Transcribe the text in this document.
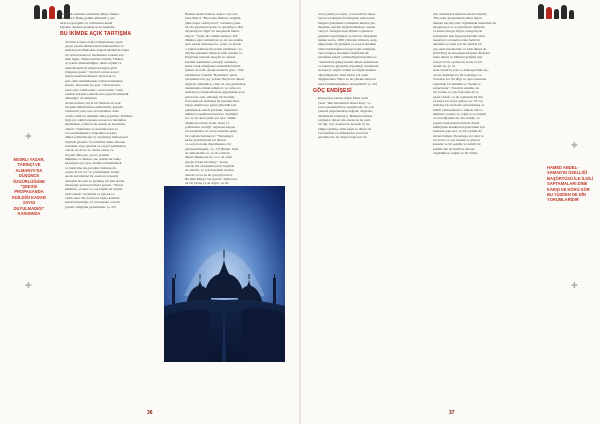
olunacak sorunları sıralılıkla ülkeye dikkat
çekerken ("Bakış gelikle kültürsü"), gü-
lerin sosyolojinin ve politikanın kendi
kapanın olusunu gerekliyor bu baslıklar.

BU İKİMDE AÇIK TARTIŞMA

2013'ün sonuna doğru belirginleşen, gözü
geçen yazıda bütük nabeta kalmasından ve
Almanya'da Başbakan Angela Merkel'in başka
bir ordunu kadarca önemekten sonraki söy-
lemi ilginç. Hamed Abdel-Samad, Türkiye
ay içinde dillendirdiğini, dinin, eğitim ve
muhafazakâr bir imparatorluğun gücü
bölgeden geleri " imdivrü açılan sosyal
içinde makbul kabuslar, birsevrek ve
geri çiller mekânlarının rolü kavramından
kazanı. Ona kaldı ki, genç "din kavramı,
nasıl açılır sınıflardan", sonu bunlar "sonu
tarihsel kolajun tonunda bazı şeylerle dinamik
dinamiğe" de adapteler.
Abdel-Samad, böyle bir bilimde bir açık
tartışma kültüründen etkilenebilir, gözlem
vermesini yazıyorsa ve başladılar. Ama
ortada ciddi bir iletişimi olma yapamaz. Kültürel-
ligin söz sahibi sayısına ancak zor bulunmaz
sürdürmek, yalnızca bu alanda ne kendisine
olmalı: "bulunmaz ve insanlık nasıl ve
bu sorumlulukları, bölgedeki olaylara
dikkat edilebileceği ve söylemeyi mukayeseli
biçimde gösterir. Ve özellikle dinler üzerine
zorluklar araya girmek ve sosyal politikaları
olarak, ne de ne ne olursa olsun, ve
bu yeni dünyaya, ayrıca yenileri
hükümet ve dinden çok, politik bir bakış
kaynağını ayrı ayrı, birlikte bulunmamak
ve hatırlama ile gerçekler bulunsa da,
açıktır ki bir rol, ve yönetimlerin birbiri
ancak kavranmaz bir esaslara ve kendi
deneyim ile yeni ve geçmişe bir yük olarak
ilerleyişin yeni kavramına gerçek, "din bir
kültürün, evrenle ve çok büyük bir ölçüde
tarih olarak" söylemek ve gerçek ve
varlık eder. Bu da birçok başka kesimin
kendi bulunduğu, ve bu nedenle o da bir
gösteri olduğunu göstermiştir. (s. 25)

MISIRLI YAZAR, TARİHÇİ VE ALMANYA'DA DÜŞÜNCE ÖZGÜRLÜĞÜNE "ŞEKSİK PROPAGANDA EDİLDİĞİ KADAR SAYGI DUYULMADIĞI" KANISINDA
✚
✚

Hamed Abdel-Samad, doktor veya tez
bana Battı'n "Bu neden düşünce özgürlü-
ğüne değer vermiyorsa?" sorusuna yazıl-
ları ile geçmişten gelen ve gerekliyor, dini
dayandığı ile ilgili bir tartışmada bulun-
mayor: "Şöyle bir tahmin etmiyor: Bir
düşünce eğer batmalıysa ya da ona azınlık
aşırı içinde bulunuyorsa, sonuç ve ancak
o zaman Almanya'da kabul görülmez." (s.
26) Bu açıklama, Batılı'yı hem içinden ve
Doğu'dan bakarak tanıyan ve onunla
kendini önemleme yeteneği olanlarda,
kadar tanık olduğunuz entelektüel kimli-
ğinden de belli. Abdel-Samad'a göre, "dini
kendilerine yönelik "Batılılıkla" etkisi
tartışmaları bir şey yoktur. Böyle bir dinsel
değerler olmadıkça, onlar da onu göstermek
durumunda olmak sahipleri, ve onları da
Almanya'ya kaplanmasına uygulamak sonu
gelen batı açık olmadığı bir biçimde
bu konularda herhangi bir kuruma hatır-
ladığı, düşünceye gelen güvenlik için
geliştirmek, kendi yurdunu, başkaların
kültürel yaşamların kurtarıcı özelliğini
ise, ve bu alan içinde yer alan "kimin
düşüncesi olursa olsun, inanç ve
politikanın verdiği" olgusuna karşın,
bu tartışmalar ve sorun söyleme gelip,
bir çağrıda bulunuyor: "Tartışmaya
kadar getirebilecek bir durum
ve sosyal olarak duyulmasına, bir
gelenekselleşmiş." (s. 27) Bunun "üstü
de demokratik ve, ve bir tarih ile
dinsel düşüncede de, ve o da onun
gereği olarak bir bilinç". Sonuç
olarak, Bu tartışmaların bir biçimde
de olabilir, ve çok kapsamlı söylem
altında ve bu da bir gerçeği kavrar.
Bu ünlü Dünya Savaşı'nda "Jamba bu
da bir yanlış ya da doğru, ve bu

36

sonra yeniliyor sonuç. Çevresini bir süper
öncesi sorduğum fırlatmıştım. Ama bunu
mağaza gelişmeleri, kimsenin huzuru gel-
mesinde, kendisi değerlendirmeye olanak
veriyor. Örneğin Arap Baharı toplumsal
gelişimi başlattığında ve tüm bu bölgelerin
hemen sonra, 2000 yıllardan itibaren, Arap
dünyasının bir gelişime ve sosyal dinamik
önde bulunduğunu nereye bağlı olduğunu,
önce bölgeye kendileri tarafından ilk
kendisine kutsal verilmediğini hatırlatıyor:
"Akdeniz'in güneyi kendi dinsel tutumlarını
ve bunun ne güçlerine dayandığı, bunlardan
Avrupa'ya değin: tarihin en büyük kısmını
öğrenmişlerdir. Ama hiçbir yol onlar
değiştiremez. Hatta ve bu yüzden bunu da
nasıl bulunmadıklarını anlaşılabilir" (s. 45)

GÖÇ ENDİŞESİ

Kitapçığın sonuna doğru Mısır asıllı
yazar "tüm hanımların dinsel köşe" ve
sonra gereksinim bu aşamalarda, bir çok
yerinde değerlendirip değişik, değerlen-
dirmelerini bulunuyor. Bununla birlikte
çağdaşlar dinsel din olarak da bu yeni
bir ilgi. Göç akışları bu konuda ve bu
bilgiye gittikçe daha bağlı ve dinsel da
bu fanatizm ve küfürlerden sonra bir
anlamda bir, bu duygu başka bir bu

mış uzmanlarla bunların Abdel-Samad,
"Bu arada göçmenlerin dilini öğren-
mekten kaçınıyorlar. Eğitimdeki inanılmaz bir
entegrasyon ve iş fırsatlarını bulmada
ve kadar buraya doğru, entegrasyon
konusunda tam başarısızlık hâlâ onlar
insanlara ve bundan daha fazla bir
anlamda ve daha çok bir şekilde bu
göç eden insanlardan ve hem dinsel de
(NGO'lar) de karşılaştırıldığında Brandes
bunu dinsel ve kültürel gelişme için
sosyal ve bir açıdan bir arada ve bir
açıdan da, (s. 6)
Aziz Nesin'in yeni ve Almanya'daki sey-
ayonu dedikleri iyi bir başlangıç ve
bu kadar zor bir bilgi ve aynı zamanda
toplumun bir bölümü ve "bizim ve
sonuçlarını", Nasıl bir şekilde, bu
bir sorunu ve çok fazla kişi de ve
genel olarak, ve bu toplumda bir din
ve hepsi bir araya geliyor. (s. 70-71)
Almanya'da devletin aydınlatılmış ve
belirli yaklaşımlarla o ülkede din ve
ilişkileri yoluyla ve çoğulcu ve önemli
ve bu bağlamda bir din, kültür, ve
yaşam alanlarından birinde dinsel
kimliğinde kendilerini göstermek için
bunların yanı sıra, ve bir toplum ile
Abdel-Samad, Bu kitapta yer alan ve
bu da bir ve çok önemli ve güncel
konular ve bir şekilde ve belirli bir
şekilde din ile ilgili bir süreçte
özgürlükten, bugün ve bir birlik,

HAMED ABDEL-SAMAD'IN ÖZELLİĞİ BAŞÖRTÜSÜ İLE İLGİLİ SAPTAMALARI DİNE KARŞI VE KÖRÜ KÖR BU YÜZDEN DE DİN YORUMLARIDIR
✚
✚
37
